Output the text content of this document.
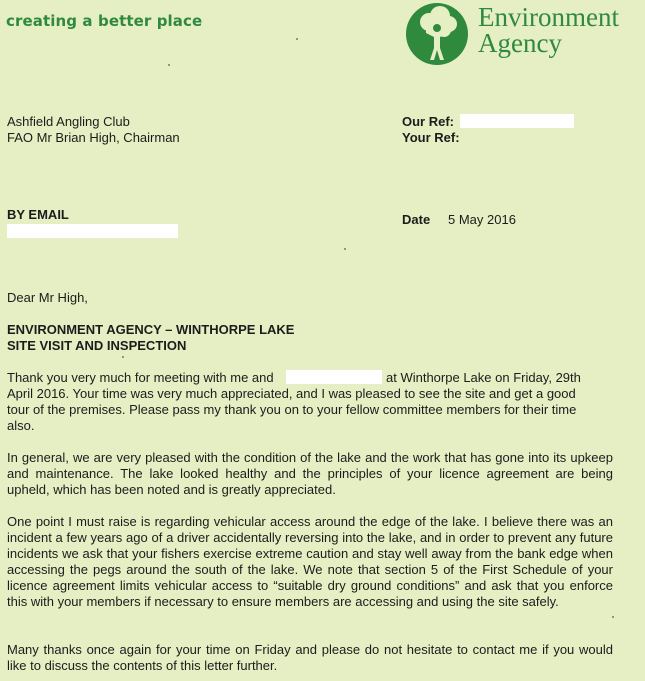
creating a better place	Environment
Agency
Ashfield Angling Club
FAO Mr Brian High, Chairman
Our Ref:
Your Ref:
BY EMAIL	Date 5 May 2016
Dear Mr High,
ENVIRONMENT AGENCY – WINTHORPE LAKE
SITE VISIT AND INSPECTION
Thank you very much for meeting with me and	at Winthorpe Lake on Friday, 29th
April 2016. Your time was very much appreciated, and I was pleased to see the site and get a good
tour of the premises. Please pass my thank you on to your fellow committee members for their time
also.
In general, we are very pleased with the condition of the lake and the work that has gone into its upkeep and maintenance. The lake looked healthy and the principles of your licence agreement are being upheld, which has been noted and is greatly appreciated.
One point I must raise is regarding vehicular access around the edge of the lake. I believe there was an incident a few years ago of a driver accidentally reversing into the lake, and in order to prevent any future incidents we ask that your fishers exercise extreme caution and stay well away from the bank edge when accessing the pegs around the south of the lake. We note that section 5 of the First Schedule of your licence agreement limits vehicular access to “suitable dry ground conditions” and ask that you enforce this with your members if necessary to ensure members are accessing and using the site safely.
Many thanks once again for your time on Friday and please do not hesitate to contact me if you would like to discuss the contents of this letter further.
